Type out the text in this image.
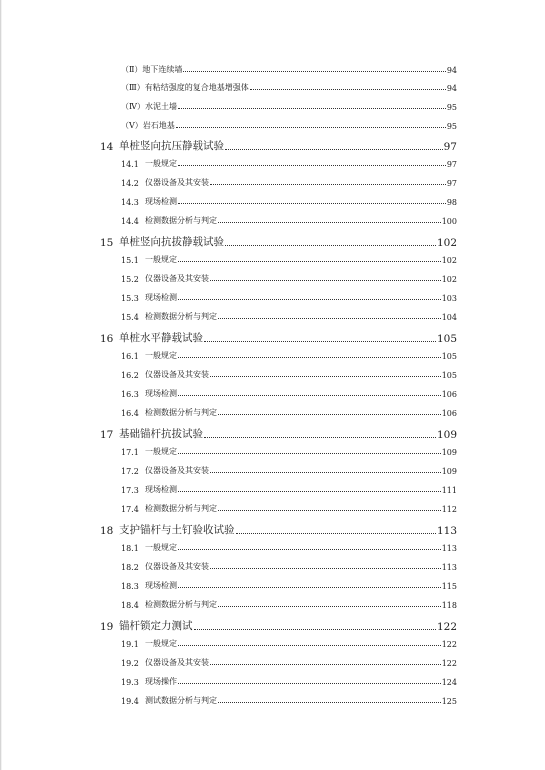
（Ⅱ）地下连续墙	94
（Ⅲ）有粘结强度的复合地基增强体	94
（Ⅳ）水泥土墙	95
（Ⅴ）岩石地基	95
14 单桩竖向抗压静载试验	97
14.1 一般规定	97
14.2 仪器设备及其安装	97
14.3 现场检测	98
14.4 检测数据分析与判定	100
15 单桩竖向抗拔静载试验	102
15.1 一般规定	102
15.2 仪器设备及其安装	102
15.3 现场检测	103
15.4 检测数据分析与判定	104
16 单桩水平静载试验	105
16.1 一般规定	105
16.2 仪器设备及其安装	105
16.3 现场检测	106
16.4 检测数据分析与判定	106
17 基础锚杆抗拔试验	109
17.1 一般规定	109
17.2 仪器设备及其安装	109
17.3 现场检测	111
17.4 检测数据分析与判定	112
18 支护锚杆与土钉验收试验	113
18.1 一般规定	113
18.2 仪器设备及其安装	113
18.3 现场检测	115
18.4 检测数据分析与判定	118
19 锚杆锁定力测试	122
19.1 一般规定	122
19.2 仪器设备及其安装	122
19.3 现场操作	124
19.4 测试数据分析与判定	125
